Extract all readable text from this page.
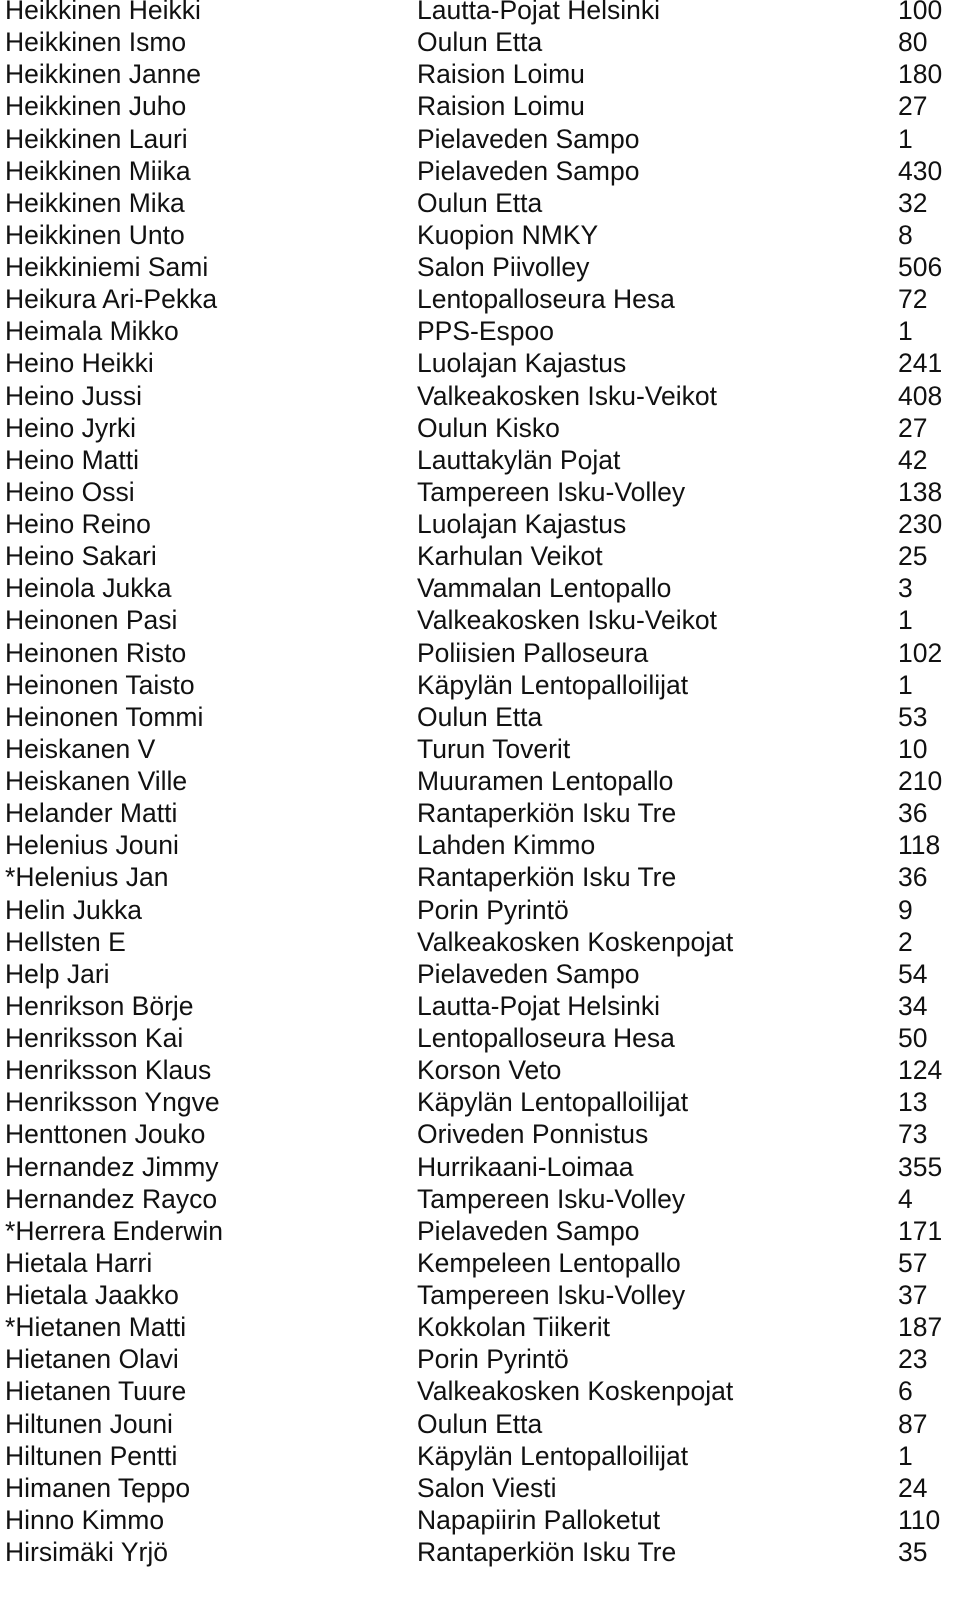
Heikkinen Heikki	Lautta-Pojat Helsinki	100
Heikkinen Ismo	Oulun Etta	80
Heikkinen Janne	Raision Loimu	180
Heikkinen Juho	Raision Loimu	27
Heikkinen Lauri	Pielaveden Sampo	1
Heikkinen Miika	Pielaveden Sampo	430
Heikkinen Mika	Oulun Etta	32
Heikkinen Unto	Kuopion NMKY	8
Heikkiniemi Sami	Salon Piivolley	506
Heikura Ari-Pekka	Lentopalloseura Hesa	72
Heimala Mikko	PPS-Espoo	1
Heino Heikki	Luolajan Kajastus	241
Heino Jussi	Valkeakosken Isku-Veikot	408
Heino Jyrki	Oulun Kisko	27
Heino Matti	Lauttakylän Pojat	42
Heino Ossi	Tampereen Isku-Volley	138
Heino Reino	Luolajan Kajastus	230
Heino Sakari	Karhulan Veikot	25
Heinola Jukka	Vammalan Lentopallo	3
Heinonen Pasi	Valkeakosken Isku-Veikot	1
Heinonen Risto	Poliisien Palloseura	102
Heinonen Taisto	Käpylän Lentopalloilijat	1
Heinonen Tommi	Oulun Etta	53
Heiskanen V	Turun Toverit	10
Heiskanen Ville	Muuramen Lentopallo	210
Helander Matti	Rantaperkiön Isku Tre	36
Helenius Jouni	Lahden Kimmo	118
*Helenius Jan	Rantaperkiön Isku Tre	36
Helin Jukka	Porin Pyrintö	9
Hellsten E	Valkeakosken Koskenpojat	2
Help Jari	Pielaveden Sampo	54
Henrikson Börje	Lautta-Pojat Helsinki	34
Henriksson Kai	Lentopalloseura Hesa	50
Henriksson Klaus	Korson Veto	124
Henriksson Yngve	Käpylän Lentopalloilijat	13
Henttonen Jouko	Oriveden Ponnistus	73
Hernandez Jimmy	Hurrikaani-Loimaa	355
Hernandez Rayco	Tampereen Isku-Volley	4
*Herrera Enderwin	Pielaveden Sampo	171
Hietala Harri	Kempeleen Lentopallo	57
Hietala Jaakko	Tampereen Isku-Volley	37
*Hietanen Matti	Kokkolan Tiikerit	187
Hietanen Olavi	Porin Pyrintö	23
Hietanen Tuure	Valkeakosken Koskenpojat	6
Hiltunen Jouni	Oulun Etta	87
Hiltunen Pentti	Käpylän Lentopalloilijat	1
Himanen Teppo	Salon Viesti	24
Hinno Kimmo	Napapiirin Palloketut	110
Hirsimäki Yrjö	Rantaperkiön Isku Tre	35
